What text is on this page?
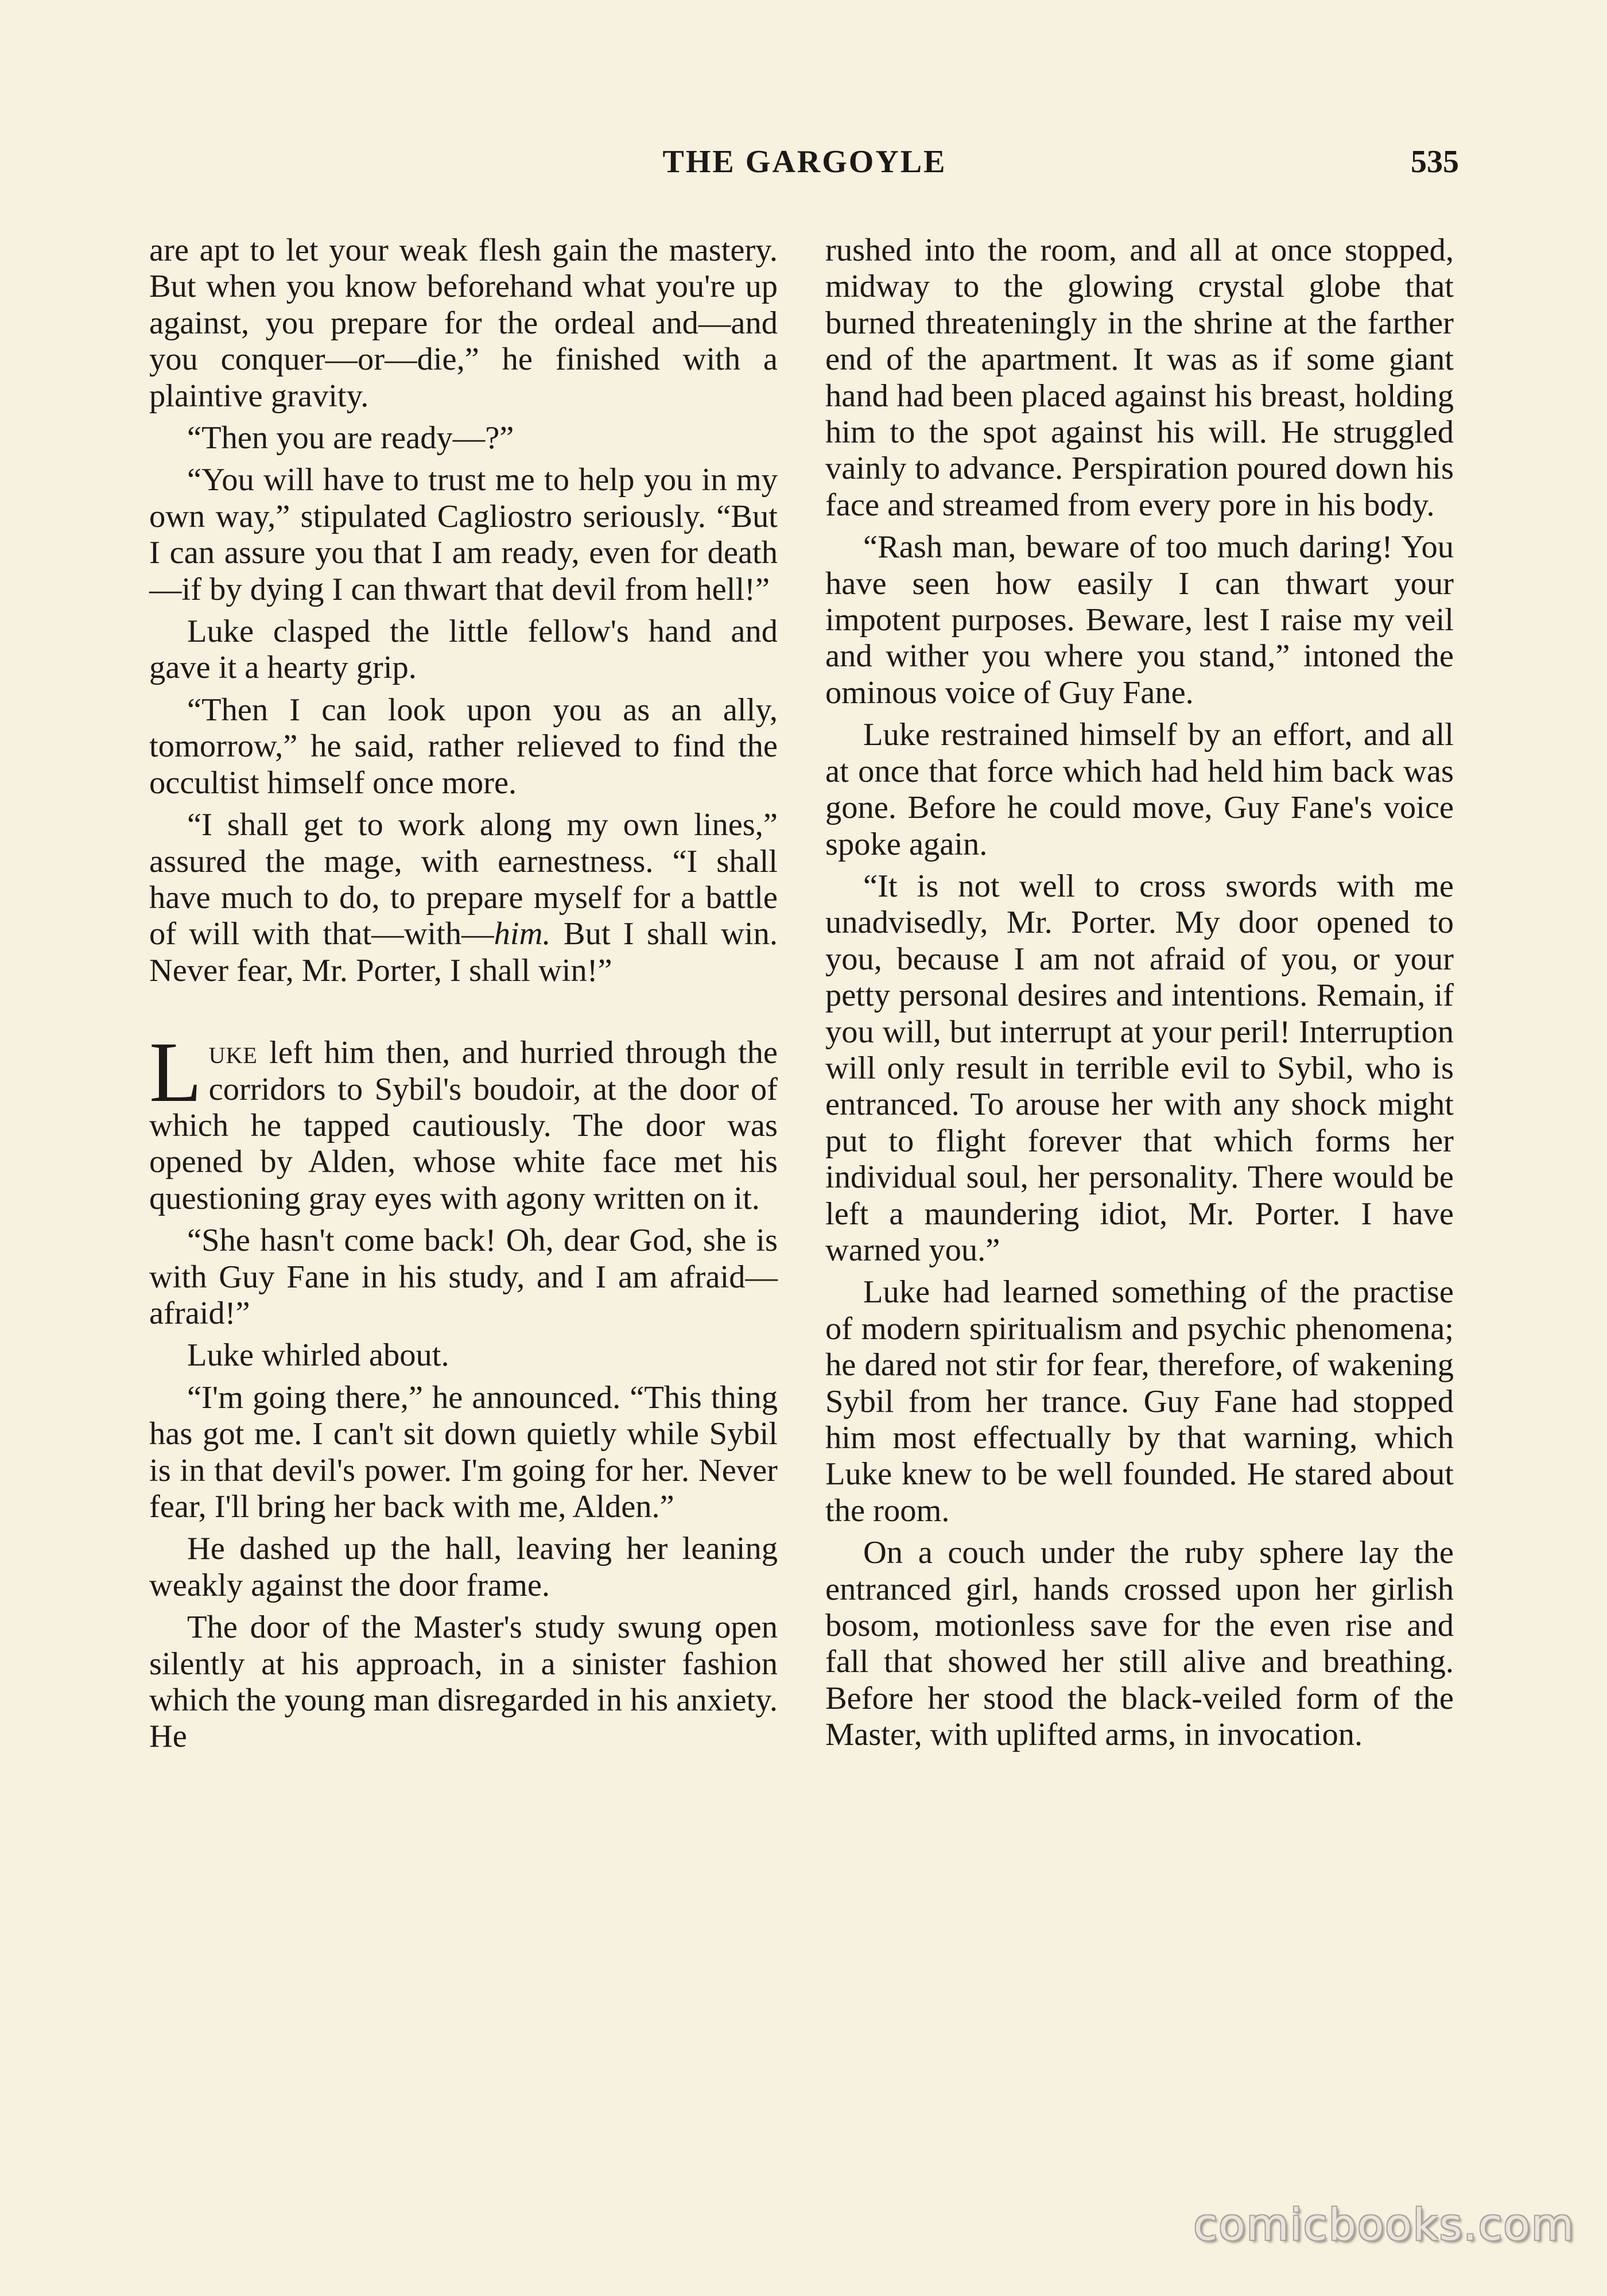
THE GARGOYLE	535

are apt to let your weak flesh gain the mastery. But when you know beforehand what you're up against, you prepare for the ordeal and—and you conquer—or—die,” he finished with a plaintive gravity.

“Then you are ready—?”

“You will have to trust me to help you in my own way,” stipulated Cagliostro seriously. “But I can assure you that I am ready, even for death—if by dying I can thwart that devil from hell!”

Luke clasped the little fellow's hand and gave it a hearty grip.

“Then I can look upon you as an ally, tomorrow,” he said, rather relieved to find the occultist himself once more.

“I shall get to work along my own lines,” assured the mage, with earnestness. “I shall have much to do, to prepare myself for a battle of will with that—with—him. But I shall win. Never fear, Mr. Porter, I shall win!”

Luke left him then, and hurried through the corridors to Sybil's boudoir, at the door of which he tapped cautiously. The door was opened by Alden, whose white face met his questioning gray eyes with agony written on it.

“She hasn't come back! Oh, dear God, she is with Guy Fane in his study, and I am afraid—afraid!”

Luke whirled about.

“I'm going there,” he announced. “This thing has got me. I can't sit down quietly while Sybil is in that devil's power. I'm going for her. Never fear, I'll bring her back with me, Alden.”

He dashed up the hall, leaving her leaning weakly against the door frame.

The door of the Master's study swung open silently at his approach, in a sinister fashion which the young man disregarded in his anxiety. He

rushed into the room, and all at once stopped, midway to the glowing crystal globe that burned threateningly in the shrine at the farther end of the apartment. It was as if some giant hand had been placed against his breast, holding him to the spot against his will. He struggled vainly to advance. Perspiration poured down his face and streamed from every pore in his body.

“Rash man, beware of too much daring! You have seen how easily I can thwart your impotent purposes. Beware, lest I raise my veil and wither you where you stand,” intoned the ominous voice of Guy Fane.

Luke restrained himself by an effort, and all at once that force which had held him back was gone. Before he could move, Guy Fane's voice spoke again.

“It is not well to cross swords with me unadvisedly, Mr. Porter. My door opened to you, because I am not afraid of you, or your petty personal desires and intentions. Remain, if you will, but interrupt at your peril! Interruption will only result in terrible evil to Sybil, who is entranced. To arouse her with any shock might put to flight forever that which forms her individual soul, her personality. There would be left a maundering idiot, Mr. Porter. I have warned you.”

Luke had learned something of the practise of modern spiritualism and psychic phenomena; he dared not stir for fear, therefore, of wakening Sybil from her trance. Guy Fane had stopped him most effectually by that warning, which Luke knew to be well founded. He stared about the room.

On a couch under the ruby sphere lay the entranced girl, hands crossed upon her girlish bosom, motionless save for the even rise and fall that showed her still alive and breathing. Before her stood the black-veiled form of the Master, with uplifted arms, in invocation.

comicbooks.com
